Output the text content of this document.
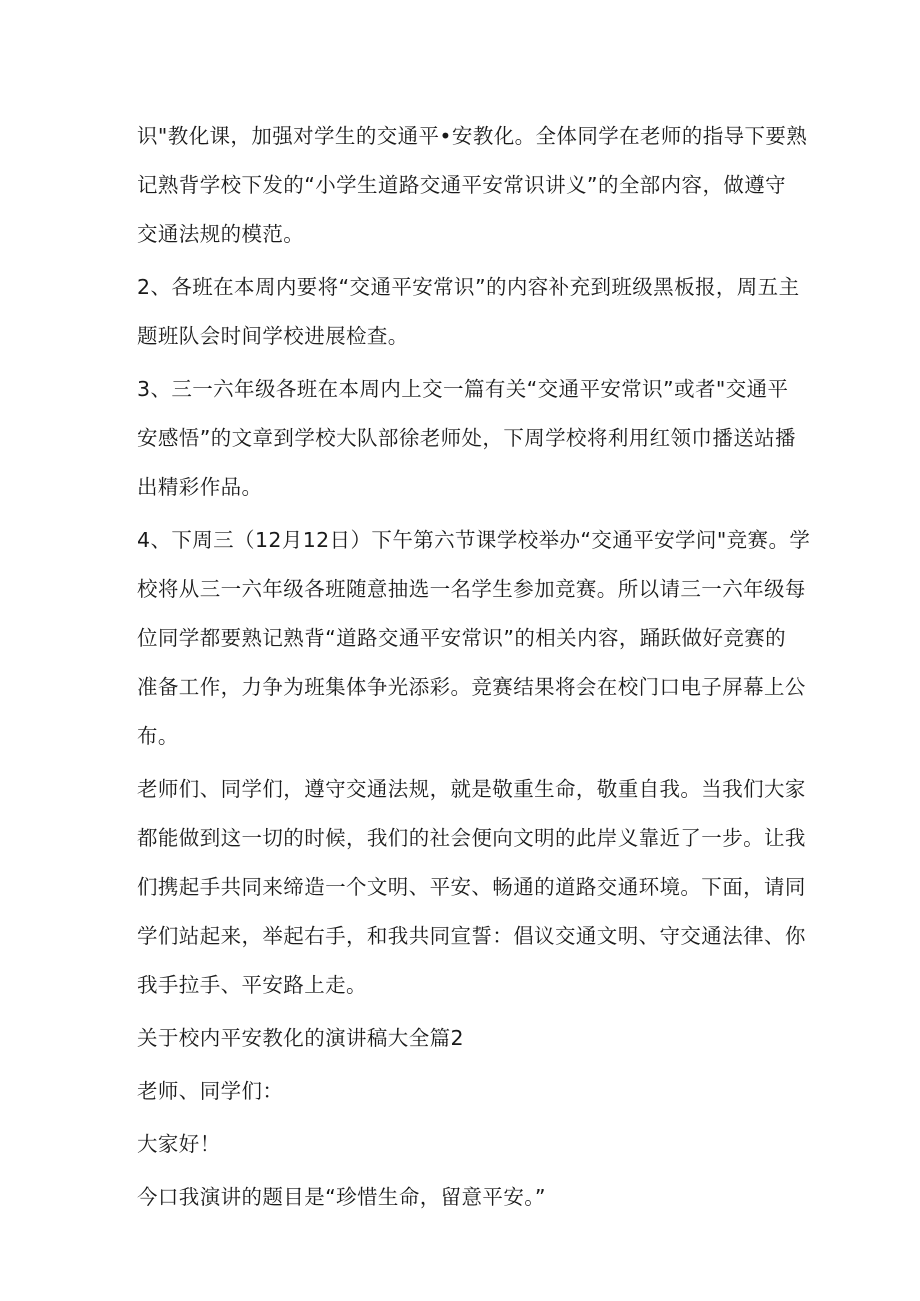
识"教化课，加强对学生的交通平•安教化。全体同学在老师的指导下要熟
记熟背学校下发的“小学生道路交通平安常识讲义”的全部内容，做遵守
交通法规的模范。
2、各班在本周内要将“交通平安常识”的内容补充到班级黑板报，周五主
题班队会时间学校进展检查。
3、三一六年级各班在本周内上交一篇有关“交通平安常识”或者"交通平
安感悟”的文章到学校大队部徐老师处，下周学校将利用红领巾播送站播
出精彩作品。
4、下周三（12月12日）下午第六节课学校举办“交通平安学问"竞赛。学
校将从三一六年级各班随意抽选一名学生参加竞赛。所以请三一六年级每
位同学都要熟记熟背“道路交通平安常识”的相关内容，踊跃做好竞赛的
准备工作，力争为班集体争光添彩。竞赛结果将会在校门口电子屏幕上公
布。
老师们、同学们，遵守交通法规，就是敬重生命，敬重自我。当我们大家
都能做到这一切的时候，我们的社会便向文明的此岸义靠近了一步。让我
们携起手共同来缔造一个文明、平安、畅通的道路交通环境。下面，请同
学们站起来，举起右手，和我共同宣誓：倡议交通文明、守交通法律、你
我手拉手、平安路上走。
关于校内平安教化的演讲稿大全篇2
老师、同学们：
大家好！
今口我演讲的题目是“珍惜生命，留意平安。”
